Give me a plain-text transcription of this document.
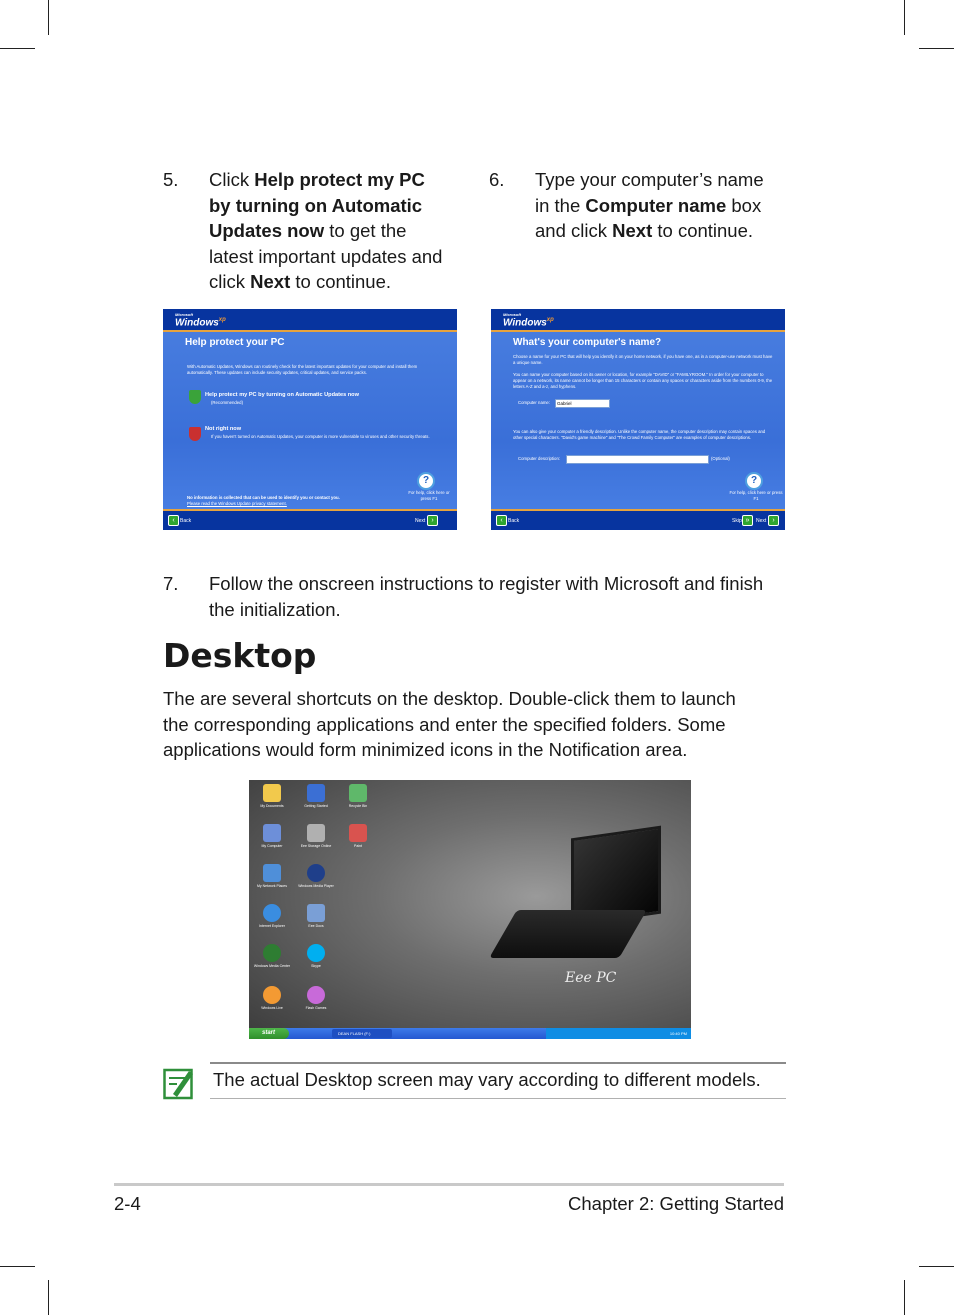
5. Click Help protect my PC by turning on Automatic Updates now to get the latest important updates and click Next to continue.
6. Type your computer’s name in the Computer name box and click Next to continue.
Microsoft
Windows$^{xp}$
Help protect your PC
With Automatic Updates, Windows can routinely check for the latest important updates for your computer and install them automatically. These updates can include security updates, critical updates, and service packs.
Help protect my PC by turning on Automatic Updates now
(Recommended)
Not right now
If you haven't turned on Automatic Updates, your computer is more vulnerable to viruses and other security threats.
?
For help, click here or press F1
No information is collected that can be used to identify you or contact you.
Please read the Windows Update privacy statement.
‹	Back	Next ›
Microsoft
Windows$^{xp}$
What's your computer's name?
Choose a name for your PC that will help you identify it on your home network, if you have one, as in a computer-use network must have a unique name.
You can name your computer based on its owner or location, for example "DAVID" or "FAMILYROOM." In order for your computer to appear on a network, its name cannot be longer than 15 characters or contain any spaces or characters aside from the numbers 0-9, the letters A-Z and a-z, and hyphens.
Computer name:	Gabriel
You can also give your computer a friendly description. Unlike the computer name, the computer description may contain spaces and other special characters. "David's game machine" and "The Crowd Family Computer" are examples of computer descriptions.
Computer description:	(Optional)
?
For help, click here or press F1
‹	Back	Skip »	Next ›
7. Follow the onscreen instructions to register with Microsoft and finish the initialization.
Desktop
The are several shortcuts on the desktop. Double-click them to launch the corresponding applications and enter the specified folders. Some applications would form minimized icons in the Notification area.
My Documents	Getting Started	Recycle Bin
My Computer	Eee Storage Online	Paint
My Network Places	Windows Media Player
Internet Explorer	Eee Docs
Windows Media Center	Skype
Windows Live	Flash Games
Eee PC
start	DEAN FLASH (F:)	10:40 PM
The actual Desktop screen may vary according to different models.
2-4	Chapter 2: Getting Started
